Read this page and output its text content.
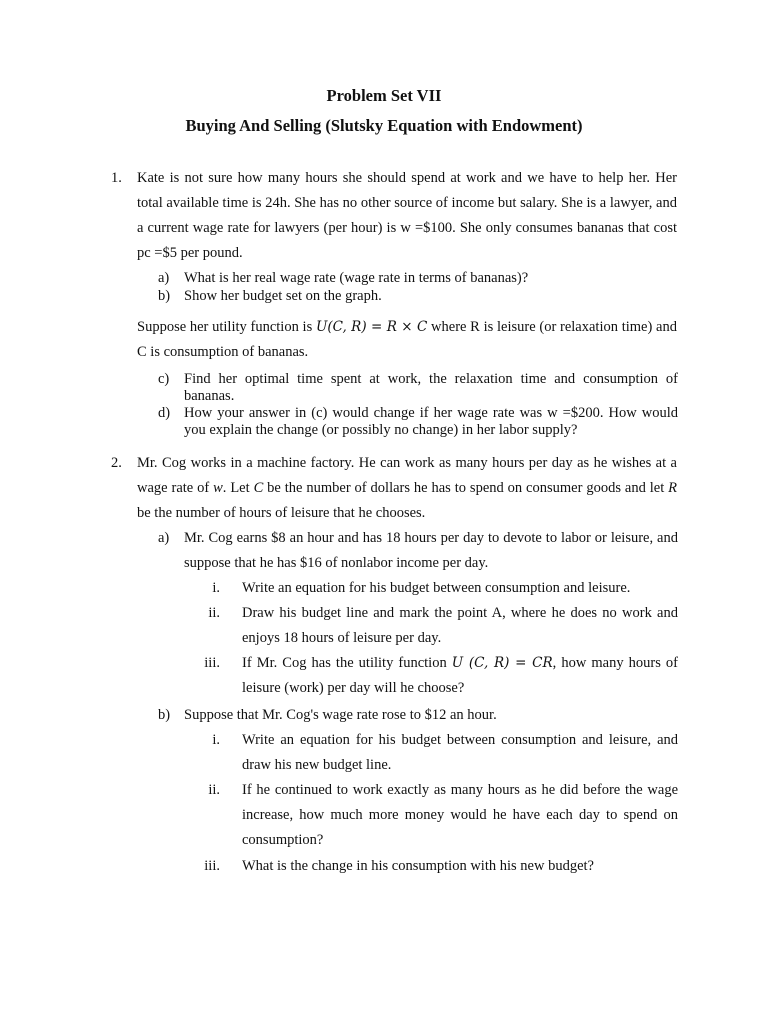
Problem Set VII
Buying And Selling (Slutsky Equation with Endowment)
1. Kate is not sure how many hours she should spend at work and we have to help her. Her total available time is 24h. She has no other source of income but salary. She is a lawyer, and a current wage rate for lawyers (per hour) is w =$100. She only consumes bananas that cost pc =$5 per pound.

a) What is her real wage rate (wage rate in terms of bananas)?

b) Show her budget set on the graph.

Suppose her utility function is U(C, R) = R × C where R is leisure (or relaxation time) and C is consumption of bananas.

c) Find her optimal time spent at work, the relaxation time and consumption of bananas.

d) How your answer in (c) would change if her wage rate was w =$200. How would you explain the change (or possibly no change) in her labor supply?

2. Mr. Cog works in a machine factory. He can work as many hours per day as he wishes at a wage rate of w. Let C be the number of dollars he has to spend on consumer goods and let R be the number of hours of leisure that he chooses.

a) Mr. Cog earns $8 an hour and has 18 hours per day to devote to labor or leisure, and suppose that he has $16 of nonlabor income per day.

i. Write an equation for his budget between consumption and leisure.

ii. Draw his budget line and mark the point A, where he does no work and enjoys 18 hours of leisure per day.

iii. If Mr. Cog has the utility function U (C, R) = CR, how many hours of leisure (work) per day will he choose?

b) Suppose that Mr. Cog's wage rate rose to $12 an hour.

i. Write an equation for his budget between consumption and leisure, and draw his new budget line.

ii. If he continued to work exactly as many hours as he did before the wage increase, how much more money would he have each day to spend on consumption?

iii. What is the change in his consumption with his new budget?
